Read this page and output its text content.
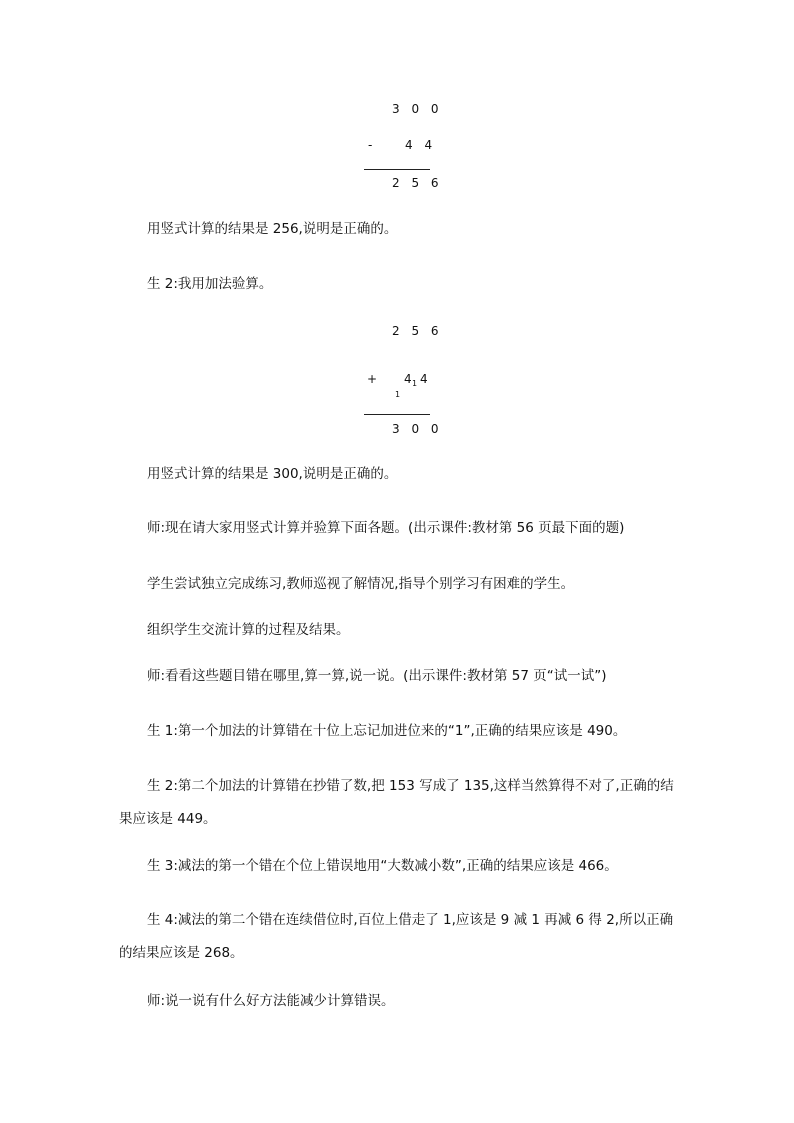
3 0 0
-	4 4
2 5 6
用竖式计算的结果是 256,说明是正确的。
生 2:我用加法验算。
2 5 6
+ 4 1 4
1
3 0 0
用竖式计算的结果是 300,说明是正确的。
师:现在请大家用竖式计算并验算下面各题。(出示课件:教材第 56 页最下面的题)
学生尝试独立完成练习,教师巡视了解情况,指导个别学习有困难的学生。
组织学生交流计算的过程及结果。
师:看看这些题目错在哪里,算一算,说一说。(出示课件:教材第 57 页“试一试”)
生 1:第一个加法的计算错在十位上忘记加进位来的“1”,正确的结果应该是 490。
生 2:第二个加法的计算错在抄错了数,把 153 写成了 135,这样当然算得不对了,正确的结
果应该是 449。
生 3:减法的第一个错在个位上错误地用“大数减小数”,正确的结果应该是 466。
生 4:减法的第二个错在连续借位时,百位上借走了 1,应该是 9 减 1 再减 6 得 2,所以正确
的结果应该是 268。
师:说一说有什么好方法能减少计算错误。
